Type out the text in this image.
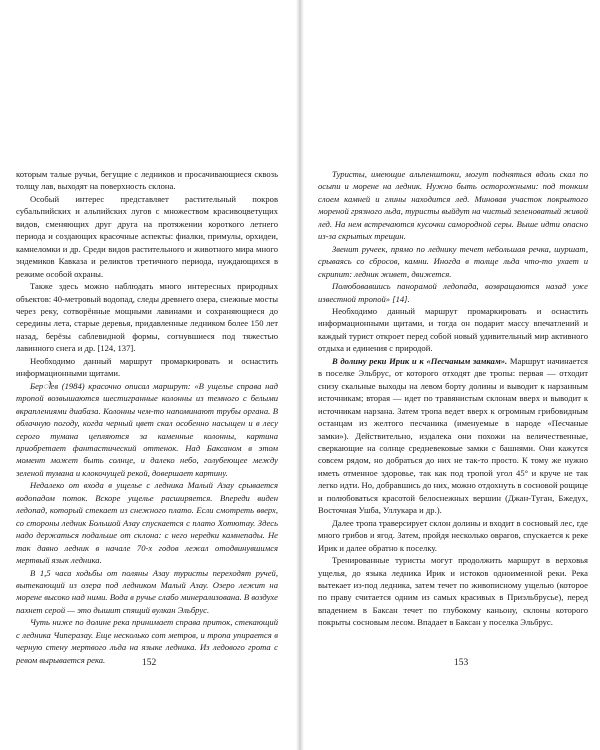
которым талые ручьи, бегущие с ледников и просачивающиеся сквозь толщу лав, выходят на поверхность склона.

Особый интерес представляет растительный покров субальпийских и альпийских лугов с множеством красивоцветущих видов, сменяющих друг друга на протяжении короткого летнего периода и создающих красочные аспекты: фиалки, примулы, орхидеи, камнеломки и др. Среди видов растительного и животного мира много эндемиков Кавказа и реликтов третичного периода, нуждающихся в режиме особой охраны.

Также здесь можно наблюдать много интересных природных объектов: 40-метровый водопад, следы древнего озера, снежные мосты через реку, сотворённые мощными лавинами и сохраняющиеся до середины лета, старые деревья, придавленные ледником более 150 лет назад, берёзы саблевидной формы, согнувшиеся под тяжестью лавинного снега и др. [124, 137].

Необходимо данный маршрут промаркировать и оснастить информационными щитами.

Берोев (1984) красочно описал маршрут: «В ущелье справа над тропой возвышаются шестигранные колонны из темного с белыми вкраплениями диабаза. Колонны чем-то напоминают трубы органа. В облачную погоду, когда черный цвет скал особенно насыщен и в лесу серого тумана цепляются за каменные колонны, картина приобретает фантастический оттенок. Над Баксаном в этом момент может быть солнце, и далеко небо, голубеющее между зеленой тумана и клокочущей рекой, довершает картину.

Недалеко от входа в ущелье с ледника Малый Азау срывается водопадом поток. Вскоре ущелье расширяется. Впереди виден ледопад, который стекает из снежного плато. Если смотреть вверх, со стороны ледник Большой Азау спускается с плато Хотютау. Здесь надо держаться подальше от склона: с него нередки камнепады. Не так давно ледник в начале 70-х годов лежал отодвинувшимся мертвый язык ледника.

В 1,5 часа ходьбы от поляны Азау туристы переходят ручей, вытекающий из озера под ледником Малый Азау. Озеро лежит на морене высоко над ними. Вода в ручье слабо минерализована. В воздухе пахнет серой — это дышит спящий вулкан Эльбрус.

Чуть ниже по долине река принимает справа приток, стекающий с ледника Чиперазау. Еще несколько сот метров, и тропа упирается в черную стену мертвого льда на языке ледника. Из ледового грота с ревом вырывается река.	152

Туристы, имеющие альпенштоки, могут подняться вдоль скал по осыпи и морене на ледник. Нужно быть осторожными: под тонким слоем камней и глины находится лед. Миновав участок покрытого мореной грязного льда, туристы выйдут на чистый зеленоватый живой лед. На нем встречаются кусочки самородной серы. Выше идти опасно из-за скрытых трещин.

Звенит ручеек, прямо по леднику течет небольшая речка, шуршат, срываясь со сбросов, камни. Иногда в толще льда что-то ухает и скрипит: ледник живет, движется.

Полюбовавшись панорамой ледопада, возвращаются назад уже известной тропой» [14].

Необходимо данный маршрут промаркировать и оснастить информационными щитами, и тогда он подарит массу впечатлений и каждый турист откроет перед собой новый удивительный мир активного отдыха и единения с природой.

В долину реки Ирик и к «Песчаным замкам». Маршрут начинается в поселке Эльбрус, от которого отходят две тропы: первая — отходит снизу скальные выходы на левом борту долины и выводит к нарзанным источникам; вторая — идет по травянистым склонам вверх и выводит к источникам нарзана. Затем тропа ведет вверх к огромным грибовидным останцам из желтого песчаника (именуемые в народе «Песчаные замки»). Действительно, издалека они похожи на величественные, сверкающие на солнце средневековые замки с башнями. Они кажутся совсем рядом, но добраться до них не так-то просто. К тому же нужно иметь отменное здоровье, так как под тропой угол 45° и круче не так легко идти. Но, добравшись до них, можно отдохнуть в сосновой рощице и полюбоваться красотой белоснежных вершин (Джан-Туган, Бжедух, Восточная Ушба, Уллукара и др.).

Далее тропа траверсирует склон долины и входит в сосновый лес, где много грибов и ягод. Затем, пройдя несколько оврагов, спускается к реке Ирик и далее обратно к поселку.

Тренированные туристы могут продолжить маршрут в верховья ущелья, до языка ледника Ирик и истоков одноименной реки. Река вытекает из-под ледника, затем течет по живописному ущелью (которое по праву считается одним из самых красивых в Приэльбрусье), перед впадением в Баксан течет по глубокому каньону, склоны которого покрыты сосновым лесом. Впадает в Баксан у поселка Эльбрус.

153
